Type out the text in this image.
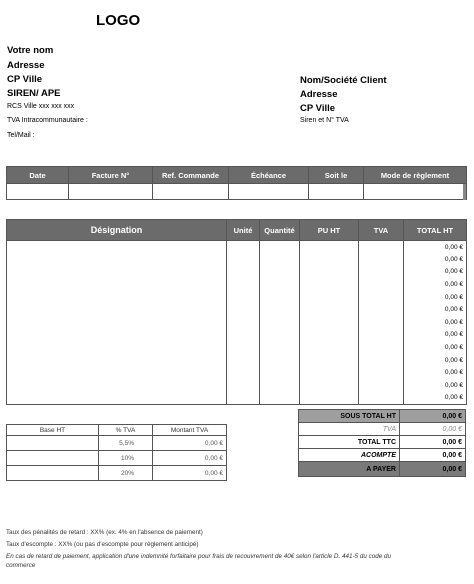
LOGO
Votre nom
Adresse
CP Ville
SIREN/ APE
RCS Ville xxx xxx xxx
TVA Intracommunautaire :
Tel/Mail :
Nom/Société Client
Adresse
CP Ville
Siren et N° TVA
Date	Facture N°	Ref. Commande	Échéance	Soit le	Mode de règlement

Désignation	Unité	Quantité	PU HT	TVA	TOTAL HT
					0,00 €
					0,00 €
					0,00 €
					0,00 €
					0,00 €
					0,00 €
					0,00 €
					0,00 €
					0,00 €
					0,00 €
					0,00 €
					0,00 €
					0,00 €
Base HT	% TVA	Montant TVA
	5,5%	0,00 €
	10%	0,00 €
	20%	0,00 €
SOUS TOTAL HT	0,00 €
TVA	0,00 €
TOTAL TTC	0,00 €
ACOMPTE	0,00 €
A PAYER	0,00 €
Taux des pénalités de retard : XX% (ex. 4% en l'absence de paiement)
Taux d'escompte : XX% (ou pas d'escompte pour règlement anticipé)
En cas de retard de paiement, application d'une indemnité forfaitaire pour frais de recouvrement de 40€ selon l'article D. 441-5 du code du
commerce
